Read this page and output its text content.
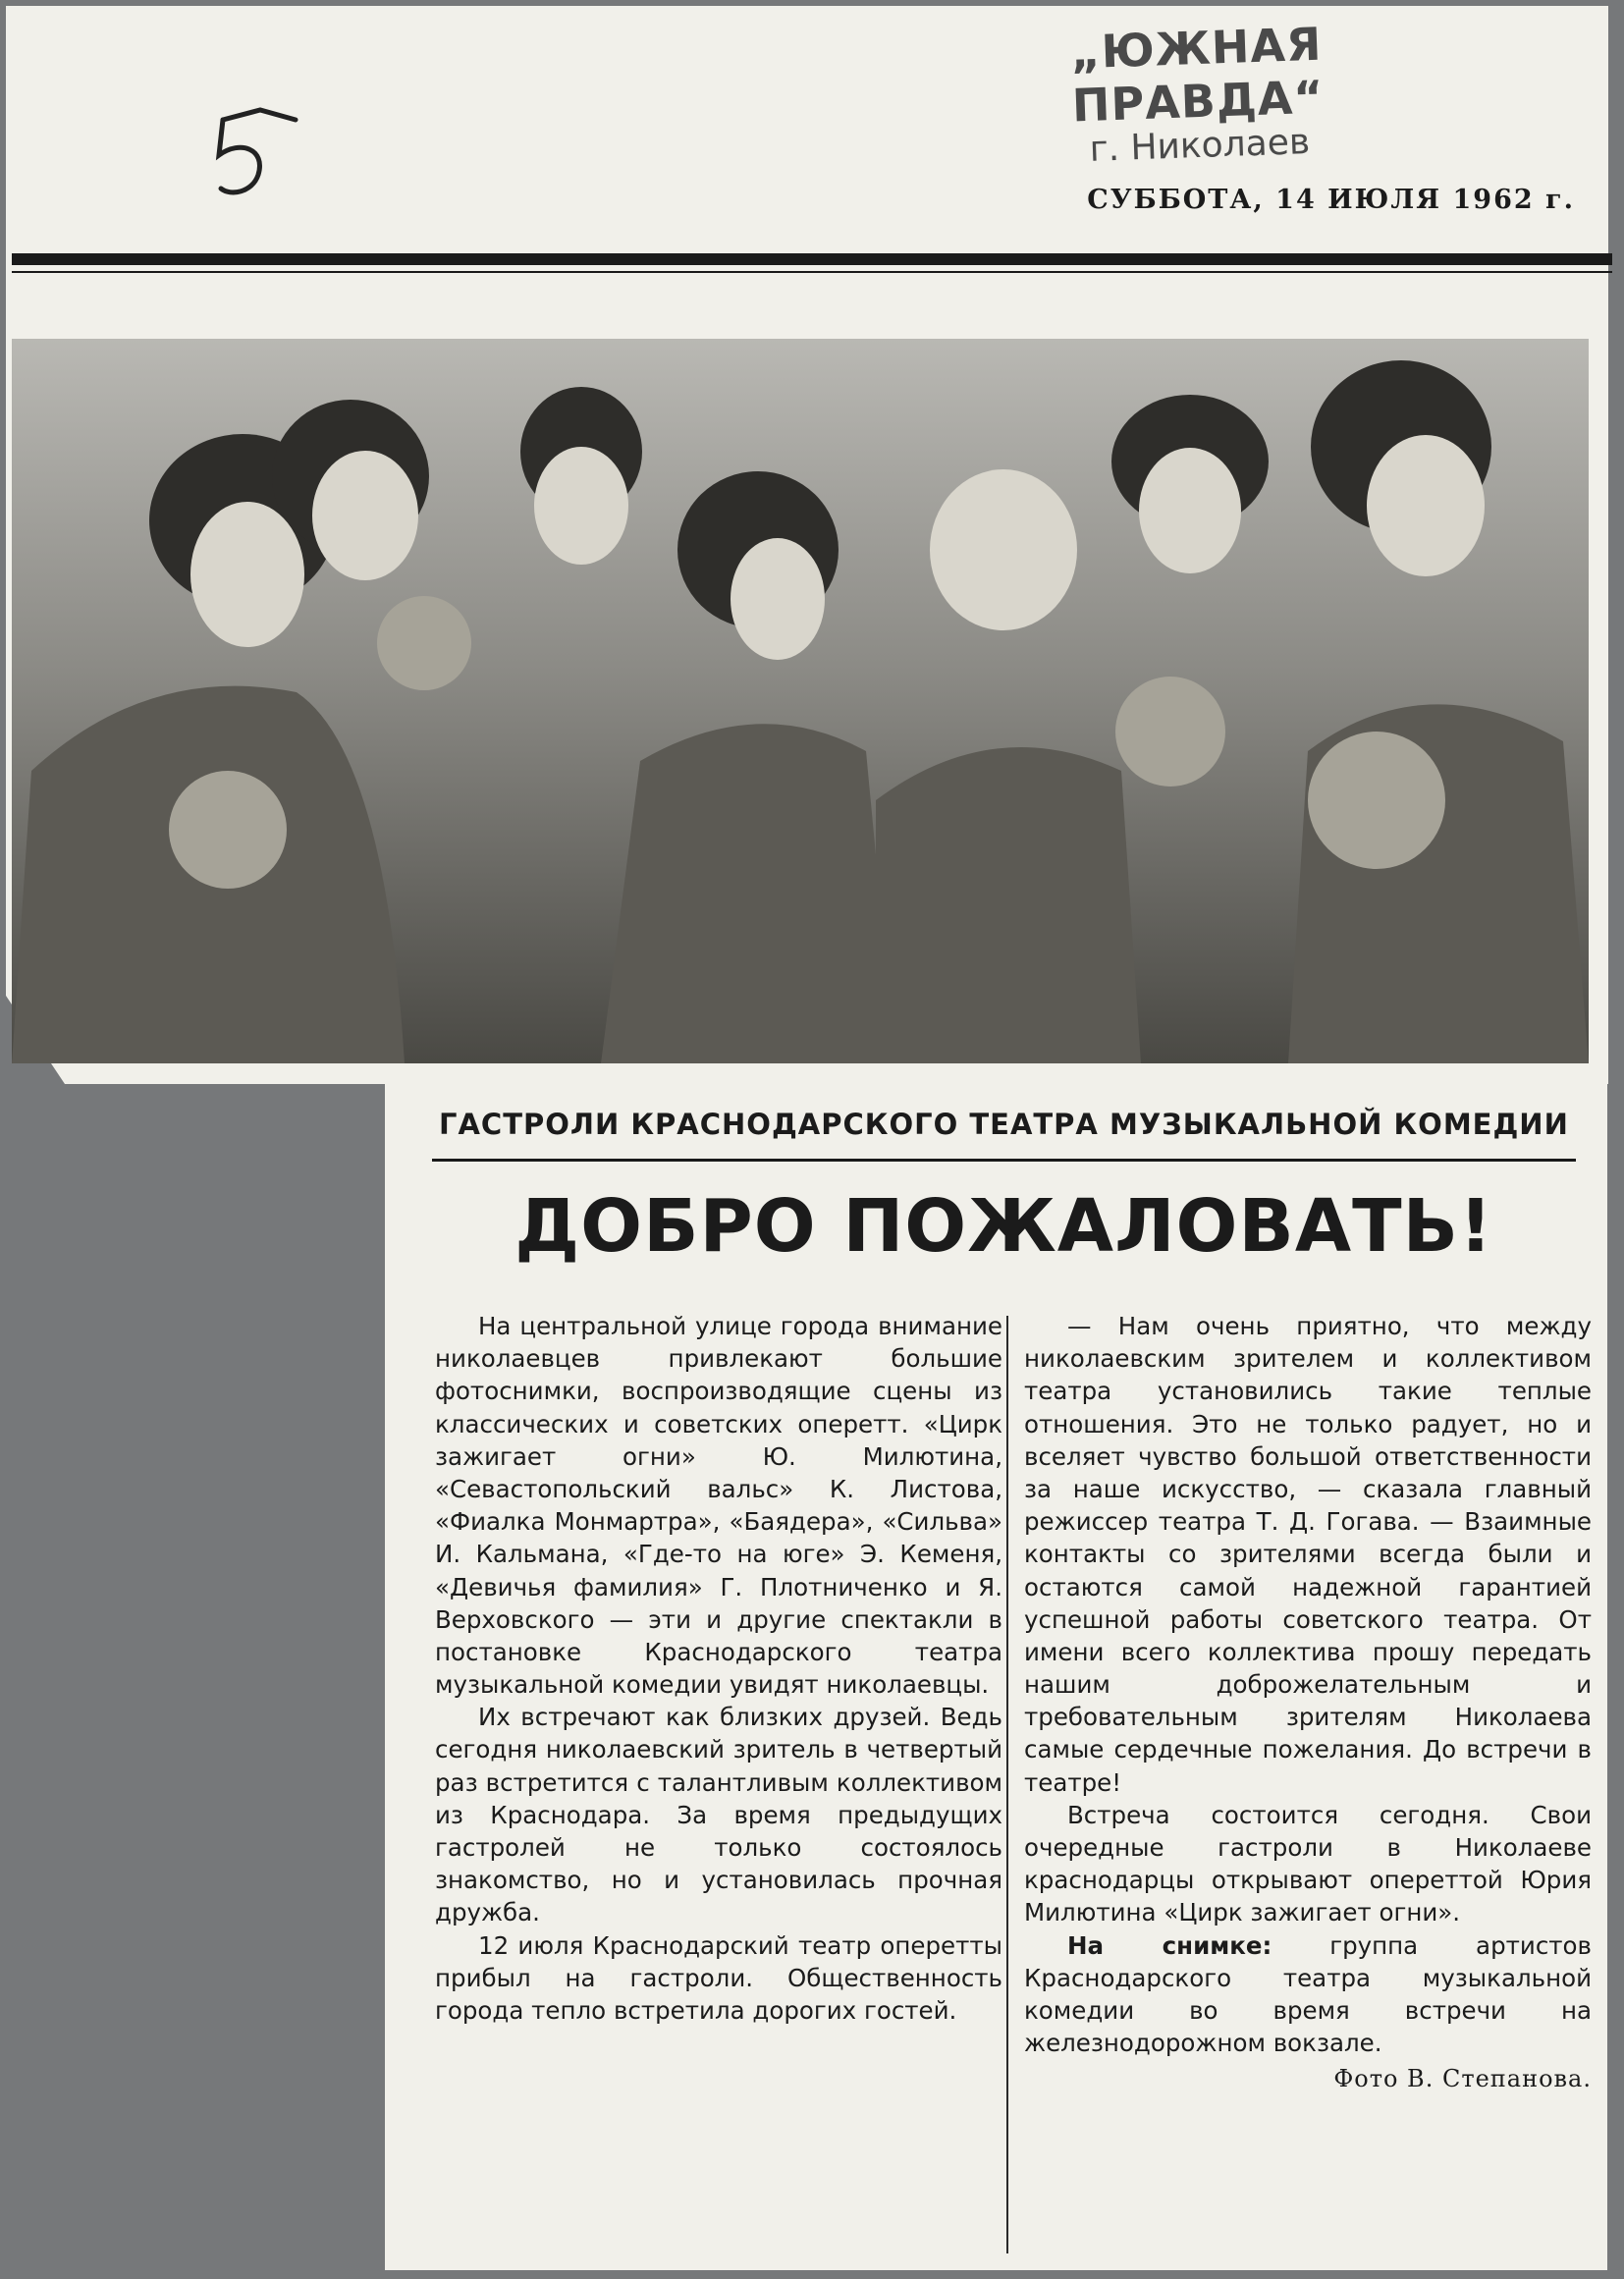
„ЮЖНАЯ ПРАВДА“
г. Николаев
СУББОТА, 14 ИЮЛЯ 1962 г.
ГАСТРОЛИ КРАСНОДАРСКОГО ТЕАТРА МУЗЫКАЛЬНОЙ КОМЕДИИ
ДОБРО ПОЖАЛОВАТЬ!

На центральной улице города внимание николаевцев привлекают большие фотоснимки, воспроизводящие сцены из классических и советских оперетт. «Цирк зажигает огни» Ю. Милютина, «Севастопольский вальс» К. Листова, «Фиалка Монмартра», «Баядера», «Сильва» И. Кальмана, «Где-то на юге» Э. Кеменя, «Девичья фамилия» Г. Плотниченко и Я. Верховского — эти и другие спектакли в постановке Краснодарского театра музыкальной комедии увидят николаевцы.

Их встречают как близких друзей. Ведь сегодня николаевский зритель в четвертый раз встретится с талантливым коллективом из Краснодара. За время предыдущих гастролей не только состоялось знакомство, но и установилась прочная дружба.

12 июля Краснодарский театр оперетты прибыл на гастроли. Общественность города тепло встретила дорогих гостей.

— Нам очень приятно, что между николаевским зрителем и коллективом театра установились такие теплые отношения. Это не только радует, но и вселяет чувство большой ответственности за наше искусство, — сказала главный режиссер театра Т. Д. Гогава. — Взаимные контакты со зрителями всегда были и остаются самой надежной гарантией успешной работы советского театра. От имени всего коллектива прошу передать нашим доброжелательным и требовательным зрителям Николаева самые сердечные пожелания. До встречи в театре!

Встреча состоится сегодня. Свои очередные гастроли в Николаеве краснодарцы открывают опереттой Юрия Милютина «Цирк зажигает огни».

На снимке: группа артистов Краснодарского театра музыкальной комедии во время встречи на железнодорожном вокзале.

Фото В. Степанова.
